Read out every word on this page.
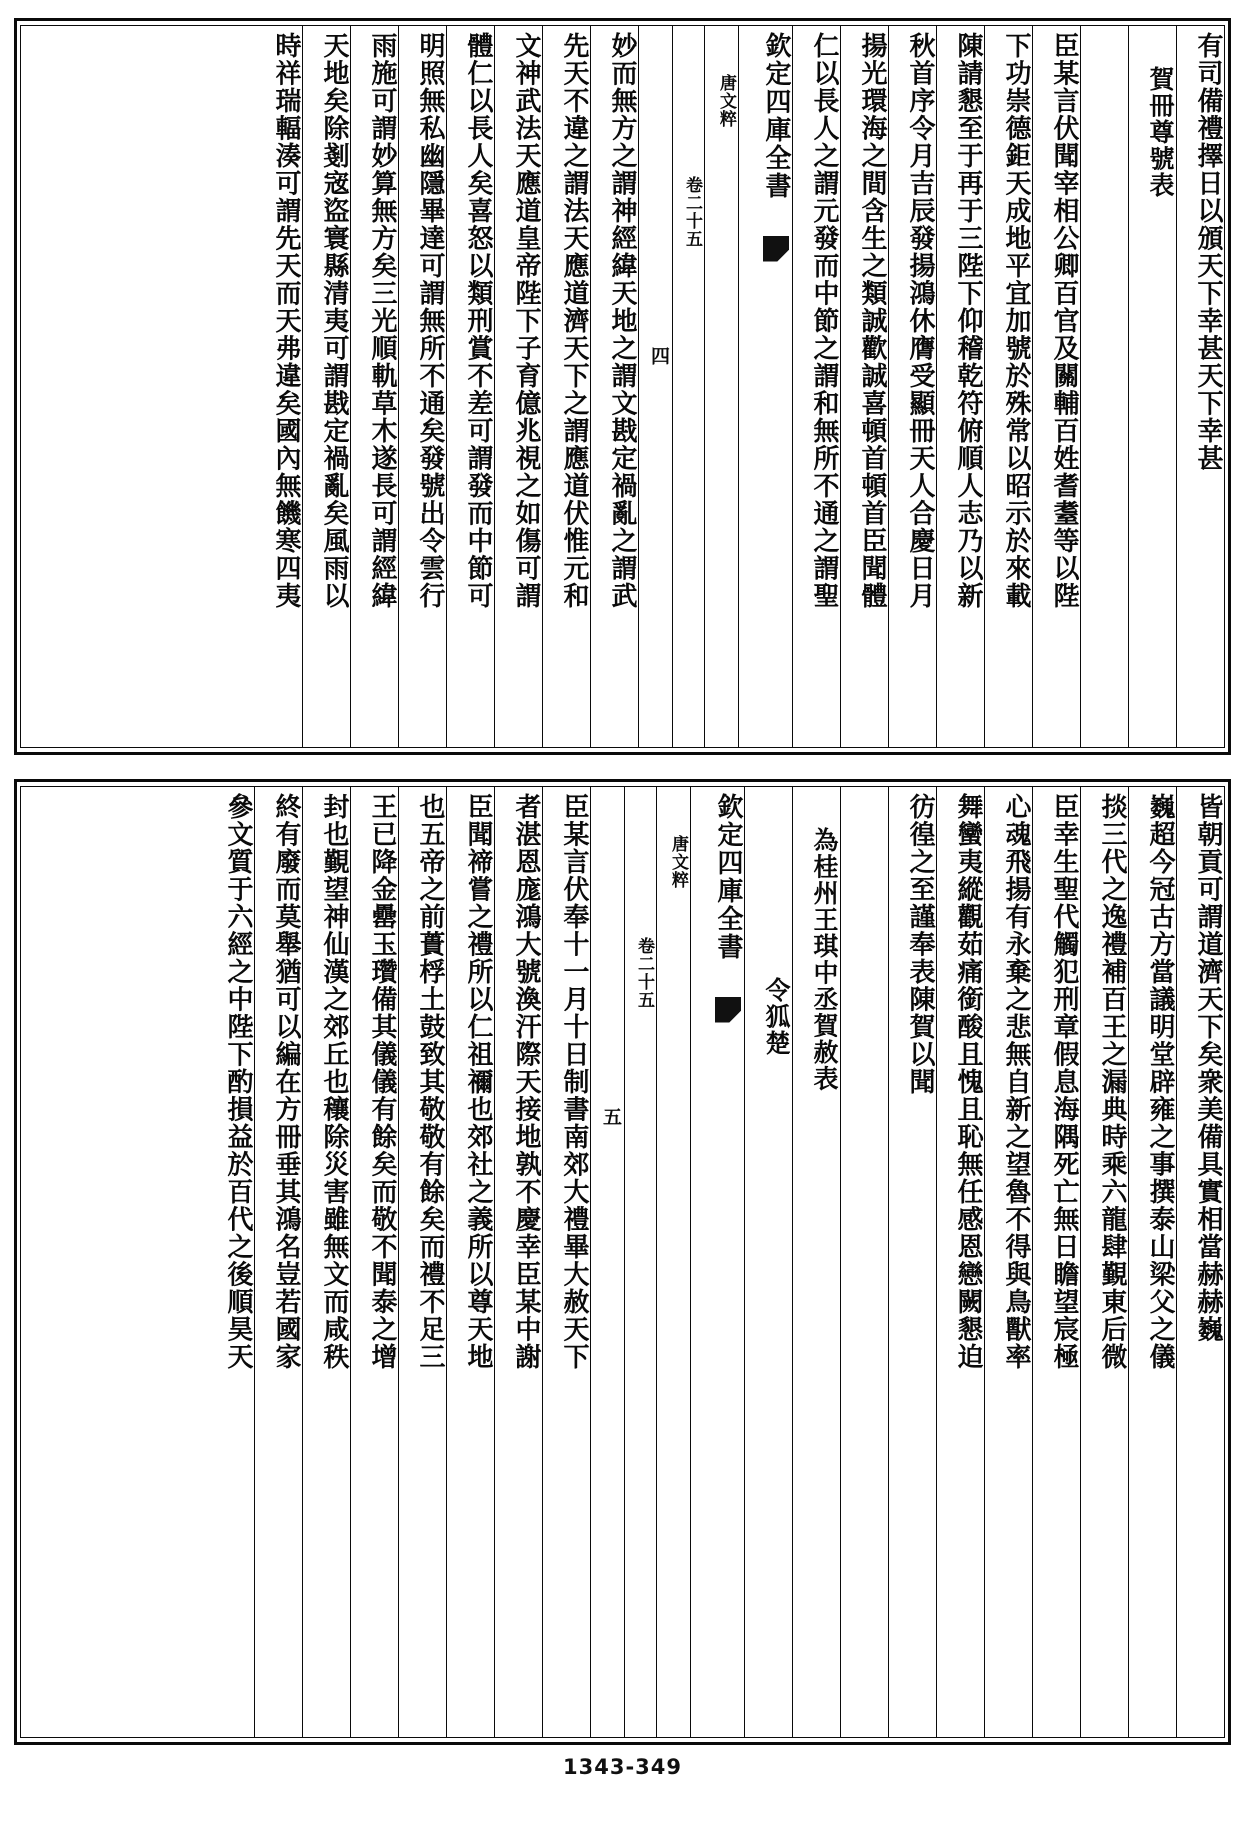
有司備禮擇日以頒天下幸甚天下幸甚
賀冊尊號表
臣某言伏聞宰相公卿百官及關輔百姓耆耋等以陛
下功崇德鉅天成地平宜加號於殊常以昭示於來載
陳請懇至于再于三陛下仰稽乾符俯順人志乃以新
秋首序令月吉辰發揚鴻休膺受顯冊天人合慶日月
揚光環海之間含生之類誠歡誠喜頓首頓首臣聞體
仁以長人之謂元發而中節之謂和無所不通之謂聖
欽定四庫全書
唐文粹
卷二十五
四
妙而無方之謂神經緯天地之謂文戡定禍亂之謂武
先天不違之謂法天應道濟天下之謂應道伏惟元和
文神武法天應道皇帝陛下子育億兆視之如傷可謂
體仁以長人矣喜怒以類刑賞不差可謂發而中節可
明照無私幽隱畢達可謂無所不通矣發號出令雲行
雨施可謂妙算無方矣三光順軌草木遂長可謂經緯
天地矣除剗宼盜寰縣清夷可謂戡定禍亂矣風雨以
時祥瑞輻湊可謂先天而天弗違矣國內無饑寒四夷
皆朝貢可謂道濟天下矣衆美備具實相當赫赫巍
巍超今冠古方當議明堂辟雍之事撰泰山梁父之儀
掞三代之逸禮補百王之漏典時乘六龍肆覲東后微
臣幸生聖代觸犯刑章假息海隅死亡無日瞻望宸極
心魂飛揚有永棄之悲無自新之望魯不得與鳥獸率
舞蠻夷縱觀茹痛銜酸且愧且恥無任感恩戀闕懇迫
彷徨之至謹奉表陳賀以聞
為桂州王琪中丞賀赦表
令狐楚
欽定四庫全書
唐文粹
卷二十五
五
臣某言伏奉十一月十日制書南郊大禮畢大赦天下
者湛恩庬鴻大號渙汗際天接地孰不慶幸臣某中謝
臣聞禘嘗之禮所以仁祖禰也郊社之義所以尊天地
也五帝之前蕢桴土鼓致其敬敬有餘矣而禮不足三
王已降金罍玉瓚備其儀儀有餘矣而敬不聞泰之增
封也覲望神仙漢之郊丘也穰除災害雖無文而咸秩
終有廢而莫舉猶可以編在方冊垂其鴻名豈若國家
參文質于六經之中陛下酌損益於百代之後順昊天
1343-349
